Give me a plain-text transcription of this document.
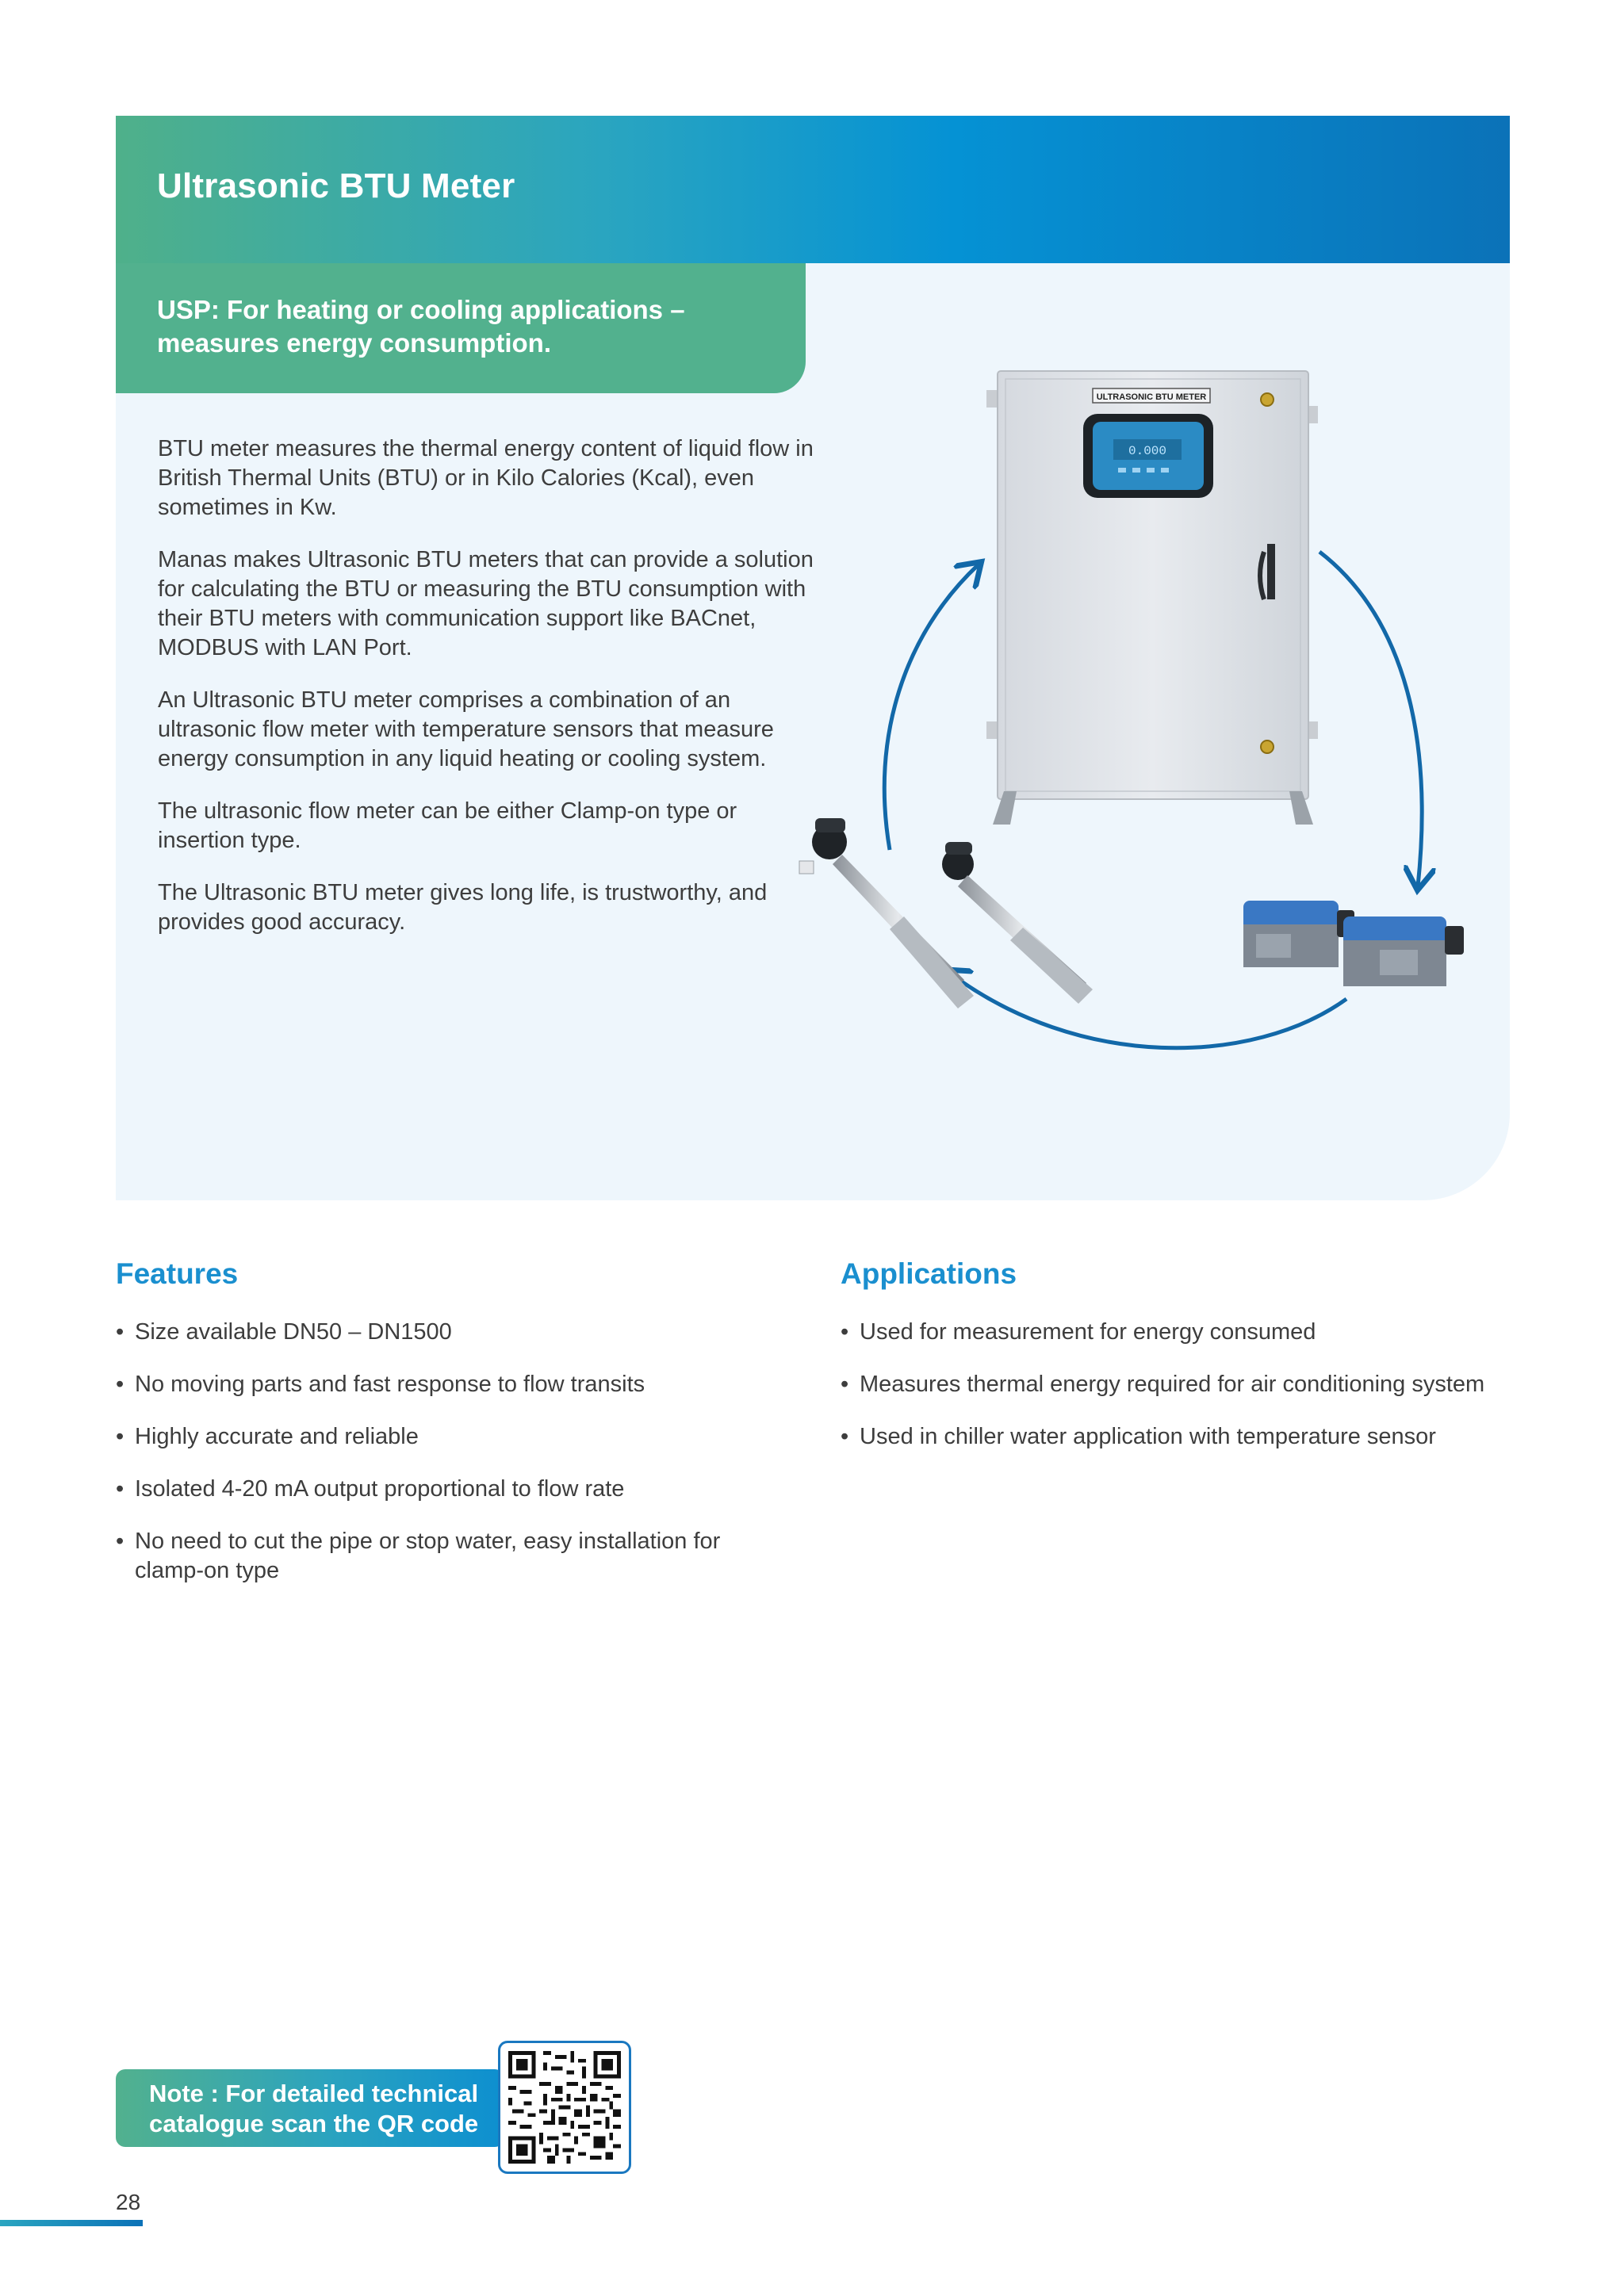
Ultrasonic BTU Meter

USP: For heating or cooling applications – measures energy consumption.

BTU meter measures the thermal energy content of liquid flow in British Thermal Units (BTU) or in Kilo Calories (Kcal), even sometimes in Kw.

Manas makes Ultrasonic BTU meters that can provide a solution for calculating the BTU or measuring the BTU consumption with their BTU meters with communication support like BACnet, MODBUS with LAN Port.

An Ultrasonic BTU meter comprises a combination of an ultrasonic flow meter with temperature sensors that measure energy consumption in any liquid heating or cooling system.

The ultrasonic flow meter can be either Clamp-on type or insertion type.

The Ultrasonic BTU meter gives long life, is trustworthy, and provides good accuracy.

ULTRASONIC BTU METER
0.000
Features
• Size available DN50 – DN1500
• No moving parts and fast response to flow transits
• Highly accurate and reliable
• Isolated 4-20 mA output proportional to flow rate
• No need to cut the pipe or stop water, easy installation for clamp-on type
Applications
• Used for measurement for energy consumed
• Measures thermal energy required for air conditioning system
• Used in chiller water application with temperature sensor

Note : For detailed technical catalogue scan the QR code

28
